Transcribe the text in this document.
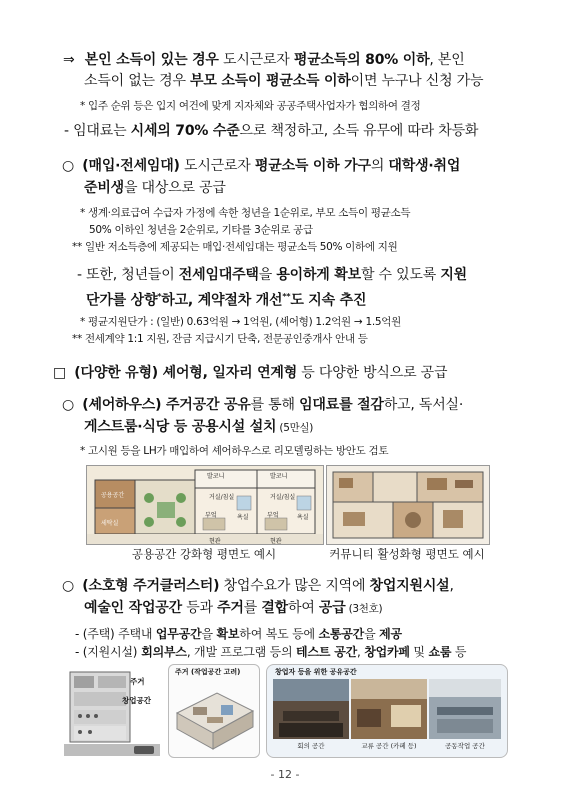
⇒ 본인 소득이 있는 경우 도시근로자 평균소득의 80% 이하, 본인
소득이 없는 경우 부모 소득이 평균소득 이하이면 누구나 신청 가능
* 입주 순위 등은 입지 여건에 맞게 지자체와 공공주택사업자가 협의하여 결정
- 임대료는 시세의 70% 수준으로 책정하고, 소득 유무에 따라 차등화
○ (매입·전세임대) 도시근로자 평균소득 이하 가구의 대학생·취업
준비생을 대상으로 공급
* 생계·의료급여 수급자 가정에 속한 청년을 1순위로, 부모 소득이 평균소득
50% 이하인 청년을 2순위로, 기타를 3순위로 공급
** 일반 저소득층에 제공되는 매입·전세임대는 평균소득 50% 이하에 지원
- 또한, 청년들이 전세임대주택을 용이하게 확보할 수 있도록 지원
단가를 상향*하고, 계약절차 개선**도 지속 추진
* 평균지원단가 : (일반) 0.63억원 → 1억원, (셰어형) 1.2억원 → 1.5억원
** 전세계약 1:1 지원, 잔금 지급시기 단축, 전문공인중개사 안내 등
□ (다양한 유형) 셰어형, 일자리 연계형 등 다양한 방식으로 공급
○ (셰어하우스) 주거공간 공유를 통해 임대료를 절감하고, 독서실·
게스트룸·식당 등 공용시설 설치 (5만실)
* 고시원 등을 LH가 매입하여 셰어하우스로 리모델링하는 방안도 검토
발코니	발코니
거실/침실	거실/침실
현관	현관
공용공간
세탁실
부엌	부엌
욕실	욕실
공용공간 강화형 평면도 예시	커뮤니티 활성화형 평면도 예시
○ (소호형 주거클러스터) 창업수요가 많은 지역에 창업지원시설,
예술인 작업공간 등과 주거를 결합하여 공급 (3천호)
- (주택) 주택내 업무공간을 확보하여 복도 등에 소통공간을 제공
- (지원시설) 회의부스, 개발 프로그램 등의 테스트 공간, 창업카페 및 쇼룸 등
주거
창업공간
주거 (작업공간 고려)	창업자 등을 위한 공유공간
회의 공간	교류 공간 (카페 등)	공동작업 공간
- 12 -
